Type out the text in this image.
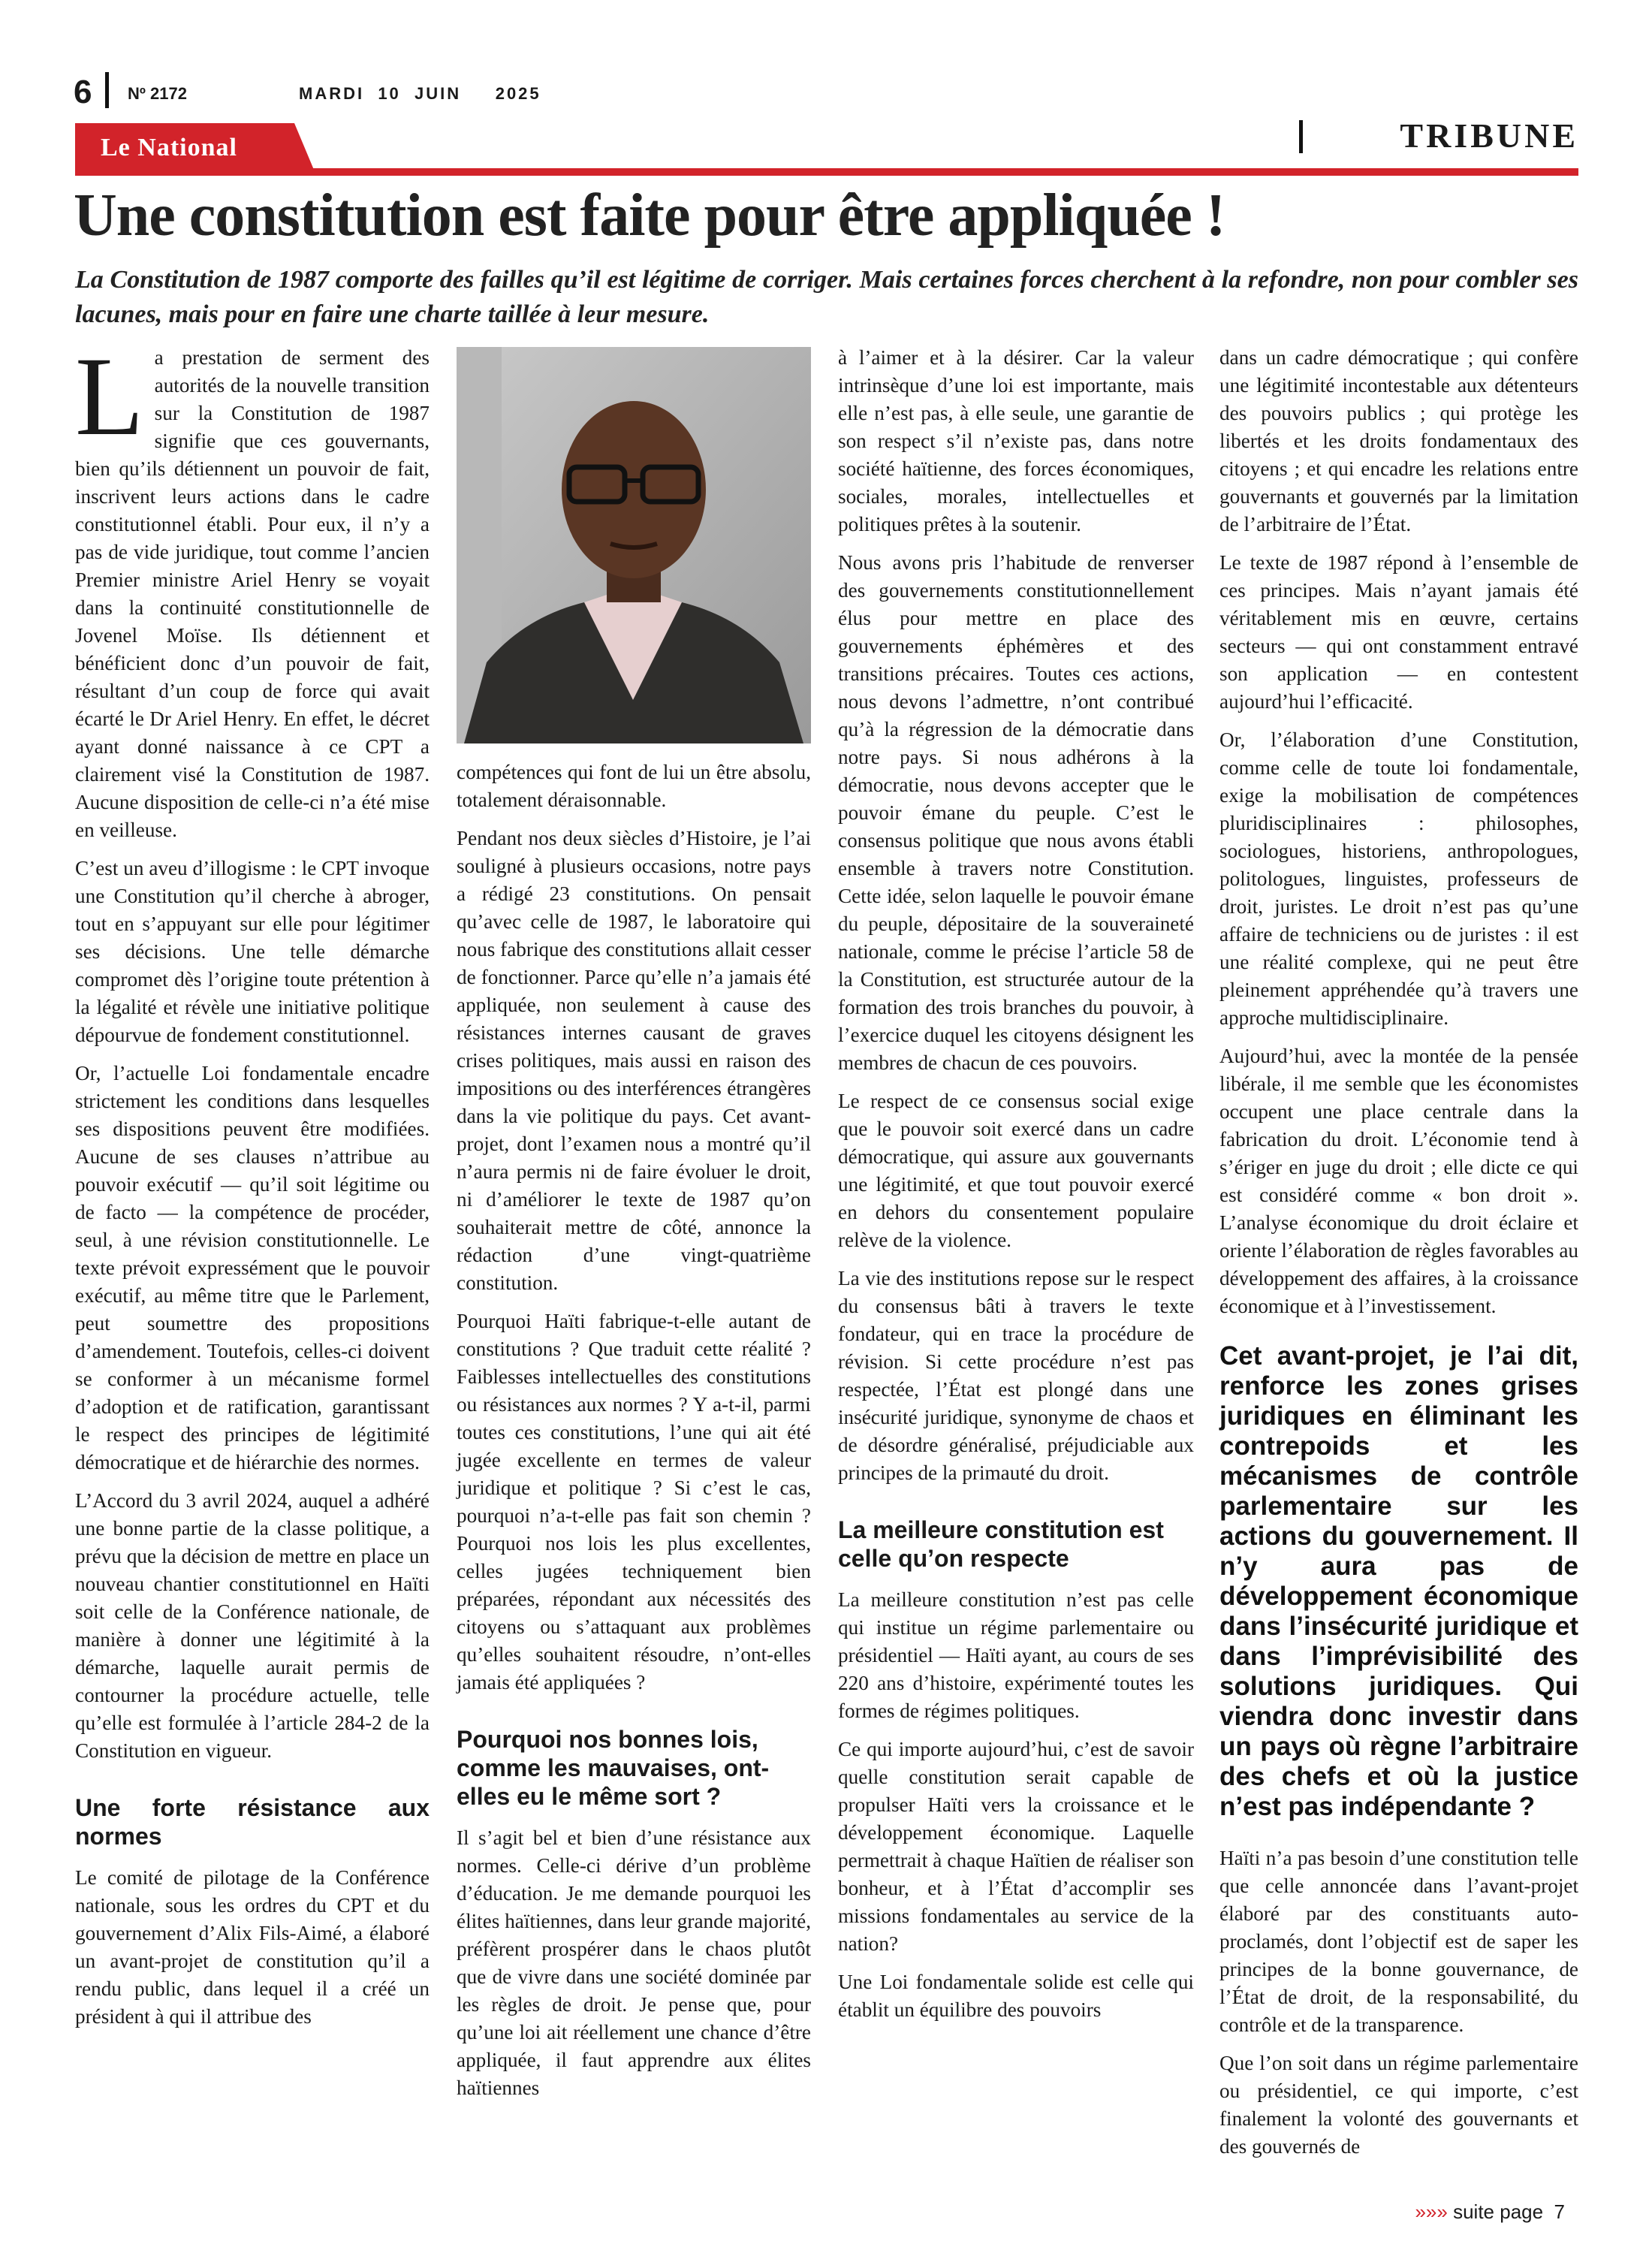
6 Nº 2172	MARDI  10  JUIN     2025
Le National	TRIBUNE
Une constitution est faite pour être appliquée !

La Constitution de 1987 comporte des failles qu’il est légitime de corriger. Mais certaines forces cherchent à la refondre, non pour combler ses lacunes, mais pour en faire une charte taillée à leur mesure.

La prestation de serment des autorités de la nouvelle transition sur la Constitution de 1987 signifie que ces gouvernants, bien qu’ils détiennent un pouvoir de fait, inscrivent leurs actions dans le cadre constitutionnel établi. Pour eux, il n’y a pas de vide juridique, tout comme l’ancien Premier ministre Ariel Henry se voyait dans la continuité constitutionnelle de Jovenel Moïse. Ils détiennent et bénéficient donc d’un pouvoir de fait, résultant d’un coup de force qui avait écarté le Dr Ariel Henry. En effet, le décret ayant donné naissance à ce CPT a clairement visé la Constitution de 1987. Aucune disposition de celle-ci n’a été mise en veilleuse.

C’est un aveu d’illogisme : le CPT invoque une Constitution qu’il cherche à abroger, tout en s’appuyant sur elle pour légitimer ses décisions. Une telle démarche compromet dès l’origine toute prétention à la légalité et révèle une initiative politique dépourvue de fondement constitutionnel.

Or, l’actuelle Loi fondamentale encadre strictement les conditions dans lesquelles ses dispositions peuvent être modifiées. Aucune de ses clauses n’attribue au pouvoir exécutif — qu’il soit légitime ou de facto — la compétence de procéder, seul, à une révision constitutionnelle. Le texte prévoit expressément que le pouvoir exécutif, au même titre que le Parlement, peut soumettre des propositions d’amendement. Toutefois, celles-ci doivent se conformer à un mécanisme formel d’adoption et de ratification, garantissant le respect des principes de légitimité démocratique et de hiérarchie des normes.

L’Accord du 3 avril 2024, auquel a adhéré une bonne partie de la classe politique, a prévu que la décision de mettre en place un nouveau chantier constitutionnel en Haïti soit celle de la Conférence nationale, de manière à donner une légitimité à la démarche, laquelle aurait permis de contourner la procédure actuelle, telle qu’elle est formulée à l’article 284-2 de la Constitution en vigueur.

Une forte résistance aux normes

Le comité de pilotage de la Conférence nationale, sous les ordres du CPT et du gouvernement d’Alix Fils-Aimé, a élaboré un avant-projet de constitution qu’il a rendu public, dans lequel il a créé un président à qui il attribue des

compétences qui font de lui un être absolu, totalement déraisonnable.

Pendant nos deux siècles d’Histoire, je l’ai souligné à plusieurs occasions, notre pays a rédigé 23 constitutions. On pensait qu’avec celle de 1987, le laboratoire qui nous fabrique des constitutions allait cesser de fonctionner. Parce qu’elle n’a jamais été appliquée, non seulement à cause des résistances internes causant de graves crises politiques, mais aussi en raison des impositions ou des interférences étrangères dans la vie politique du pays. Cet avant-projet, dont l’examen nous a montré qu’il n’aura permis ni de faire évoluer le droit, ni d’améliorer le texte de 1987 qu’on souhaiterait mettre de côté, annonce la rédaction d’une vingt-quatrième constitution.

Pourquoi Haïti fabrique-t-elle autant de constitutions ? Que traduit cette réalité ? Faiblesses intellectuelles des constitutions ou résistances aux normes ? Y a-t-il, parmi toutes ces constitutions, l’une qui ait été jugée excellente en termes de valeur juridique et politique ? Si c’est le cas, pourquoi n’a-t-elle pas fait son chemin ? Pourquoi nos lois les plus excellentes, celles jugées techniquement bien préparées, répondant aux nécessités des citoyens ou s’attaquant aux problèmes qu’elles souhaitent résoudre, n’ont-elles jamais été appliquées ?

Pourquoi nos bonnes lois, comme les mauvaises, ont-elles eu le même sort ?

Il s’agit bel et bien d’une résistance aux normes. Celle-ci dérive d’un problème d’éducation. Je me demande pourquoi les élites haïtiennes, dans leur grande majorité, préfèrent prospérer dans le chaos plutôt que de vivre dans une société dominée par les règles de droit. Je pense que, pour qu’une loi ait réellement une chance d’être appliquée, il faut apprendre aux élites haïtiennes

à l’aimer et à la désirer. Car la valeur intrinsèque d’une loi est importante, mais elle n’est pas, à elle seule, une garantie de son respect s’il n’existe pas, dans notre société haïtienne, des forces économiques, sociales, morales, intellectuelles et politiques prêtes à la soutenir.

Nous avons pris l’habitude de renverser des gouvernements constitutionnellement élus pour mettre en place des gouvernements éphémères et des transitions précaires. Toutes ces actions, nous devons l’admettre, n’ont contribué qu’à la régression de la démocratie dans notre pays. Si nous adhérons à la démocratie, nous devons accepter que le pouvoir émane du peuple. C’est le consensus politique que nous avons établi ensemble à travers notre Constitution. Cette idée, selon laquelle le pouvoir émane du peuple, dépositaire de la souveraineté nationale, comme le précise l’article 58 de la Constitution, est structurée autour de la formation des trois branches du pouvoir, à l’exercice duquel les citoyens désignent les membres de chacun de ces pouvoirs.

Le respect de ce consensus social exige que le pouvoir soit exercé dans un cadre démocratique, qui assure aux gouvernants une légitimité, et que tout pouvoir exercé en dehors du consentement populaire relève de la violence.

La vie des institutions repose sur le respect du consensus bâti à travers le texte fondateur, qui en trace la procédure de révision. Si cette procédure n’est pas respectée, l’État est plongé dans une insécurité juridique, synonyme de chaos et de désordre généralisé, préjudiciable aux principes de la primauté du droit.

La meilleure constitution est celle qu’on respecte

La meilleure constitution n’est pas celle qui institue un régime parlementaire ou présidentiel — Haïti ayant, au cours de ses 220 ans d’histoire, expérimenté toutes les formes de régimes politiques.

Ce qui importe aujourd’hui, c’est de savoir quelle constitution serait capable de propulser Haïti vers la croissance et le développement économique. Laquelle permettrait à chaque Haïtien de réaliser son bonheur, et à l’État d’accomplir ses missions fondamentales au service de la nation?

Une Loi fondamentale solide est celle qui établit un équilibre des pouvoirs

dans un cadre démocratique ; qui confère une légitimité incontestable aux détenteurs des pouvoirs publics ; qui protège les libertés et les droits fondamentaux des citoyens ; et qui encadre les relations entre gouvernants et gouvernés par la limitation de l’arbitraire de l’État.

Le texte de 1987 répond à l’ensemble de ces principes. Mais n’ayant jamais été véritablement mis en œuvre, certains secteurs — qui ont constamment entravé son application — en contestent aujourd’hui l’efficacité.

Or, l’élaboration d’une Constitution, comme celle de toute loi fondamentale, exige la mobilisation de compétences pluridisciplinaires : philosophes, sociologues, historiens, anthropologues, politologues, linguistes, professeurs de droit, juristes. Le droit n’est pas qu’une affaire de techniciens ou de juristes : il est une réalité complexe, qui ne peut être pleinement appréhendée qu’à travers une approche multidisciplinaire.

Aujourd’hui, avec la montée de la pensée libérale, il me semble que les économistes occupent une place centrale dans la fabrication du droit. L’économie tend à s’ériger en juge du droit ; elle dicte ce qui est considéré comme « bon droit ». L’analyse économique du droit éclaire et oriente l’élaboration de règles favorables au développement des affaires, à la croissance économique et à l’investissement.

Cet avant-projet, je l’ai dit, renforce les zones grises juridiques en éliminant les contrepoids et les mécanismes de contrôle parlementaire sur les actions du gouvernement. Il n’y aura pas de développement économique dans l’insécurité juridique et dans l’imprévisibilité des solutions juridiques. Qui viendra donc investir dans un pays où règne l’arbitraire des chefs et où la justice n’est pas indépendante ?

Haïti n’a pas besoin d’une constitution telle que celle annoncée dans l’avant-projet élaboré par des constituants auto-proclamés, dont l’objectif est de saper les principes de la bonne gouvernance, de l’État de droit, de la responsabilité, du contrôle et de la transparence.

Que l’on soit dans un régime parlementaire ou présidentiel, ce qui importe, c’est finalement la volonté des gouvernants et des gouvernés de

»»» suite page 7
